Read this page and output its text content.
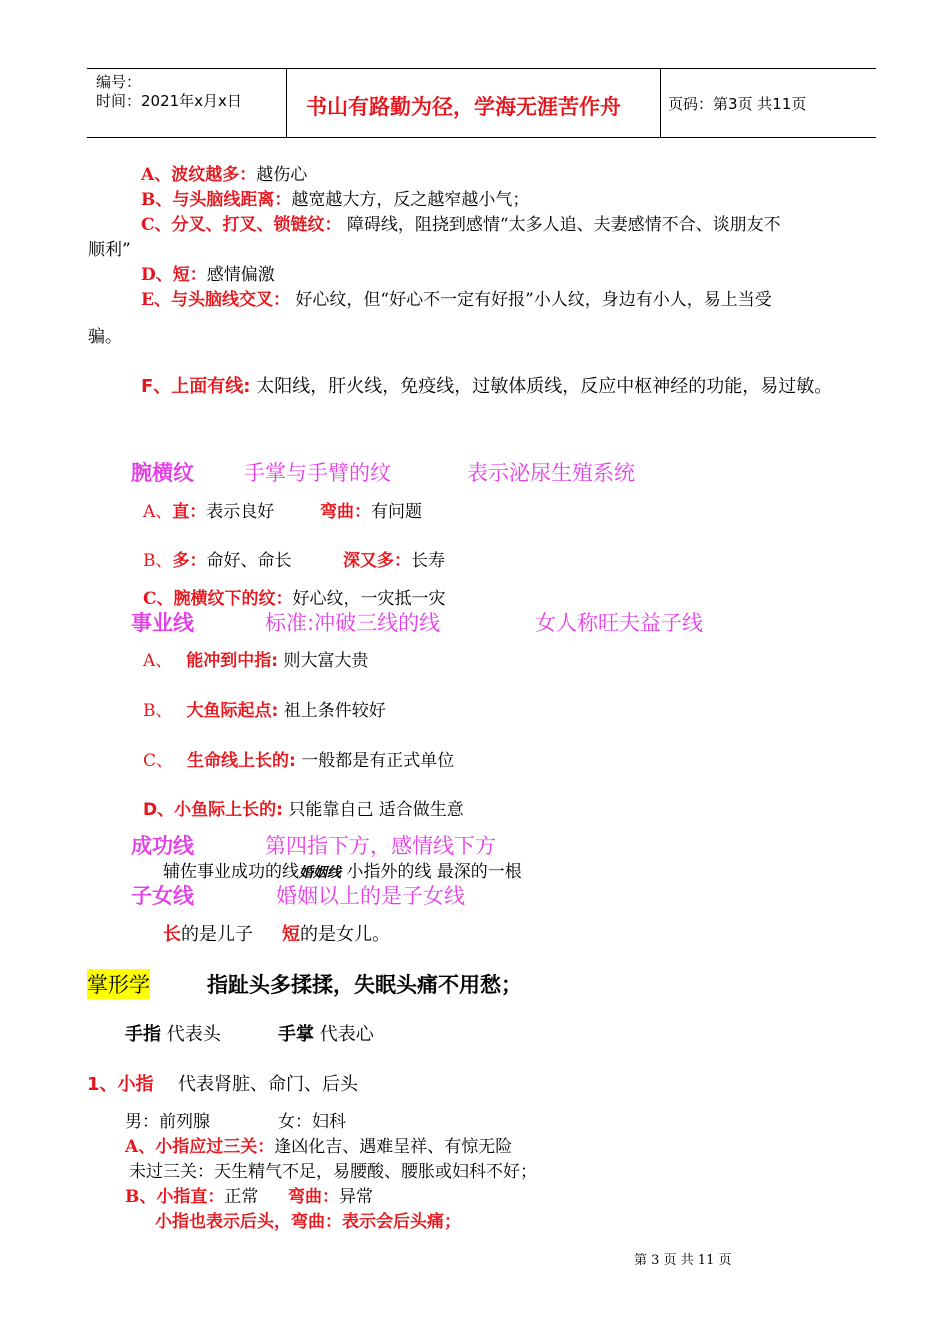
编号：
时间：2021年x月x日	书山有路勤为径，学海无涯苦作舟	页码：第3页 共11页
A、波纹越多：越伤心
B、与头脑线距离：越宽越大方，反之越窄越小气；
C、分叉、打叉、锁链纹： 障碍线，阻挠到感情“太多人追、夫妻感情不合、谈朋友不
顺利”
D、短：感情偏激
E、与头脑线交叉： 好心纹，但“好心不一定有好报”小人纹，身边有小人，易上当受
骗。
F、上面有线: 太阳线，肝火线，免疫线，过敏体质线，反应中枢神经的功能，易过敏。
腕横纹 手掌与手臂的纹	表示泌尿生殖系统
A、直：表示良好	弯曲：有问题
B、多：命好、命长	深又多：长寿
C、腕横纹下的纹：好心纹，一灾抵一灾
事业线	标准:冲破三线的线	女人称旺夫益子线
A、 能冲到中指: 则大富大贵
B、 大鱼际起点: 祖上条件较好
C、 生命线上长的: 一般都是有正式单位
D、小鱼际上长的: 只能靠自己 适合做生意
成功线	第四指下方，感情线下方
辅佐事业成功的线婚姻线 小指外的线 最深的一根
子女线	婚姻以上的是子女线
长的是儿子 短的是女儿。
掌形学	指趾头多揉揉，失眠头痛不用愁；
手指 代表头	手掌 代表心
1、小指 代表肾脏、命门、后头
男：前列腺	女：妇科
A、小指应过三关：逢凶化吉、遇难呈祥、有惊无险
未过三关：天生精气不足，易腰酸、腰胀或妇科不好；
B、小指直：正常 弯曲：异常
小指也表示后头，弯曲：表示会后头痛；
第 3 页 共 11 页
